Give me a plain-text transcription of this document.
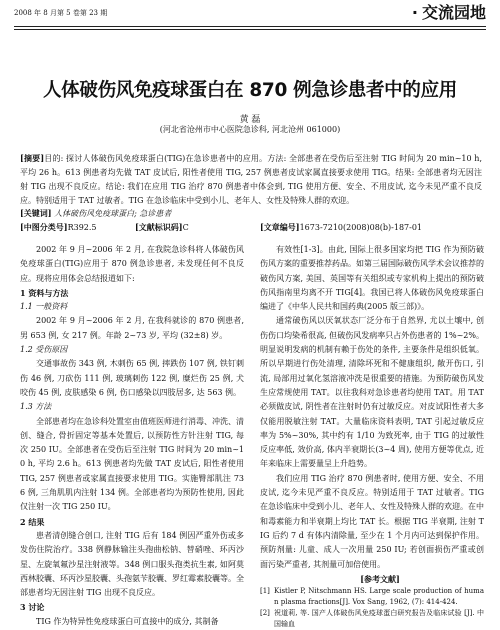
2008 年 8 月第 5 卷第 23 期	· 交流园地
人体破伤风免疫球蛋白在 870 例急诊患者中的应用
黄 磊
(河北省沧州市中心医院急诊科, 河北沧州 061000)
[摘要]目的: 探讨人体破伤风免疫球蛋白(TIG)在急诊患者中的应用。方法: 全部患者在受伤后至注射 TIG 时间为 20 min~10 h, 平均 26 h。613 例患者均先做 TAT 皮试后, 阳性者使用 TIG, 257 例患者皮试家属直接要求使用 TIG。结果: 全部患者均无因注射 TIG 出现不良反应。结论: 我们在应用 TIG 治疗 870 例患者中体会到, TIG 使用方便、安全、不用皮试, 迄今未见严重不良反应。特别适用于 TAT 过敏者。TIG 在急诊临床中受到小儿、老年人、女性及特殊人群的欢迎。
[关键词] 人体破伤风免疫球蛋白; 急诊患者
[中图分类号]R392.5	[文献标识码]C	[文章编号]1673-7210(2008)08(b)-187-01

2002 年 9 月~2006 年 2 月, 在我院急诊科将人体破伤风免疫球蛋白(TIG)应用于 870 例急诊患者, 未发现任何不良反应。现将应用体会总结报道如下:

1 资料与方法

1.1 一般资料

2002 年 9 月~2006 年 2 月, 在我科就诊的 870 例患者, 男 653 例, 女 217 例。年龄 2~73 岁, 平均 (32±8) 岁。

1.2 受伤原因

交通事故伤 343 例, 木刺伤 65 例, 摔跌伤 107 例, 铁钉刺伤 46 例, 刀砍伤 111 例, 玻璃刺伤 122 例, 糜烂伤 25 例, 犬咬伤 45 例, 皮肤感染 6 例, 伤口感染以四肢居多, 达 563 例。

1.3 方法

全部患者均在急诊科处置室由值班医师进行消毒、冲洗、清创、缝合, 骨折固定等基本处置后, 以预防性方针注射 TIG, 每次 250 IU。全部患者在受伤后至注射 TIG 时间为 20 min~10 h, 平均 2.6 h。613 例患者均先做 TAT 皮试后, 阳性者使用 TIG, 257 例患者或家属直接要求使用 TIG。实施臀部肌注 736 例, 三角肌肌内注射 134 例。全部患者均为预防性使用, 因此仅注射一次 TIG 250 IU。

2 结果

患者清创缝合创口, 注射 TIG 后有 184 例因严重外伤或多发伤住院治疗。338 例静脉输注头孢曲松钠、替硝唑、环丙沙星、左旋氧氟沙星注射液等。348 例口服头孢类抗生素, 如阿莫西林胶囊、环丙沙星胶囊、头孢氨苄胶囊、罗红霉素胶囊等。全部患者均无因注射 TIG 出现不良反应。

3 讨论

TIG 作为特异性免疫球蛋白可直接中的成分, 其制备

有效性[1-3]。由此, 国际上很多国家均把 TIG 作为预防破伤风方案的重要推荐药品。如第三届国际破伤风学术会议推荐的破伤风方案, 美国、英国等有关组织或专家机构上提出的预防破伤风指南里均离不开 TIG[4]。我国已将人体破伤风免疫球蛋白编进了《中华人民共和国药典(2005 版三部)》。

通常破伤风以厌氧状态厂泛分布于自然界, 尤以土壤中, 创伤伤口均染希很高, 但破伤风发病率只占外伤患者的 1%~2%。明显说明发病的机制有赖于伤处的条件, 主要条件是组织低氧。所以早期进行伤处清理, 清除坏死和不健康组织, 敞开伤口, 引流, 局部用过氧化氢溶液冲洗是很重要的措施。为预防破伤风发生应常规使用 TAT。以往我科对急诊患者均使用 TAT。用 TAT 必须做皮试, 阴性者在注射时仍有过敏反应。对皮试阳性者大多仅能用脱敏注射 TAT。大量临床资料表明, TAT 引起过敏反应率为 5%~30%, 其中约有 1/10 为致死率, 由于 TIG 的过敏性反应率低, 效价高, 体内半衰期长(3~4 周), 使用方便等优点, 近年来临床上需要量呈上升趋势。

我们应用 TIG 治疗 870 例患者时, 使用方便、安全、不用皮试, 迄今未见严重不良反应。特别适用于 TAT 过敏者。TIG 在急诊临床中受到小儿、老年人、女性及特殊人群的欢迎。在中和毒素能力和半衰期上均比 TAT 长。根据 TIG 半衰期, 注射 TIG 后约 7 d 有体内清除量, 至少在 1 个月内可达到保护作用。预防剂量: 儿童、成人一次用量 250 IU; 若创面损伤严重或创面污染严重者, 其剂量可加倍使用。

[参考文献]

[1] Kistler P, Nitschmann HS. Large scale production of human plasma fractions[J]. Vox Sang, 1962, (7): 414-424.

[2] 祝道莉, 等. 国产人体破伤风免疫球蛋白研究报告及临床试验 [J]. 中国输血
